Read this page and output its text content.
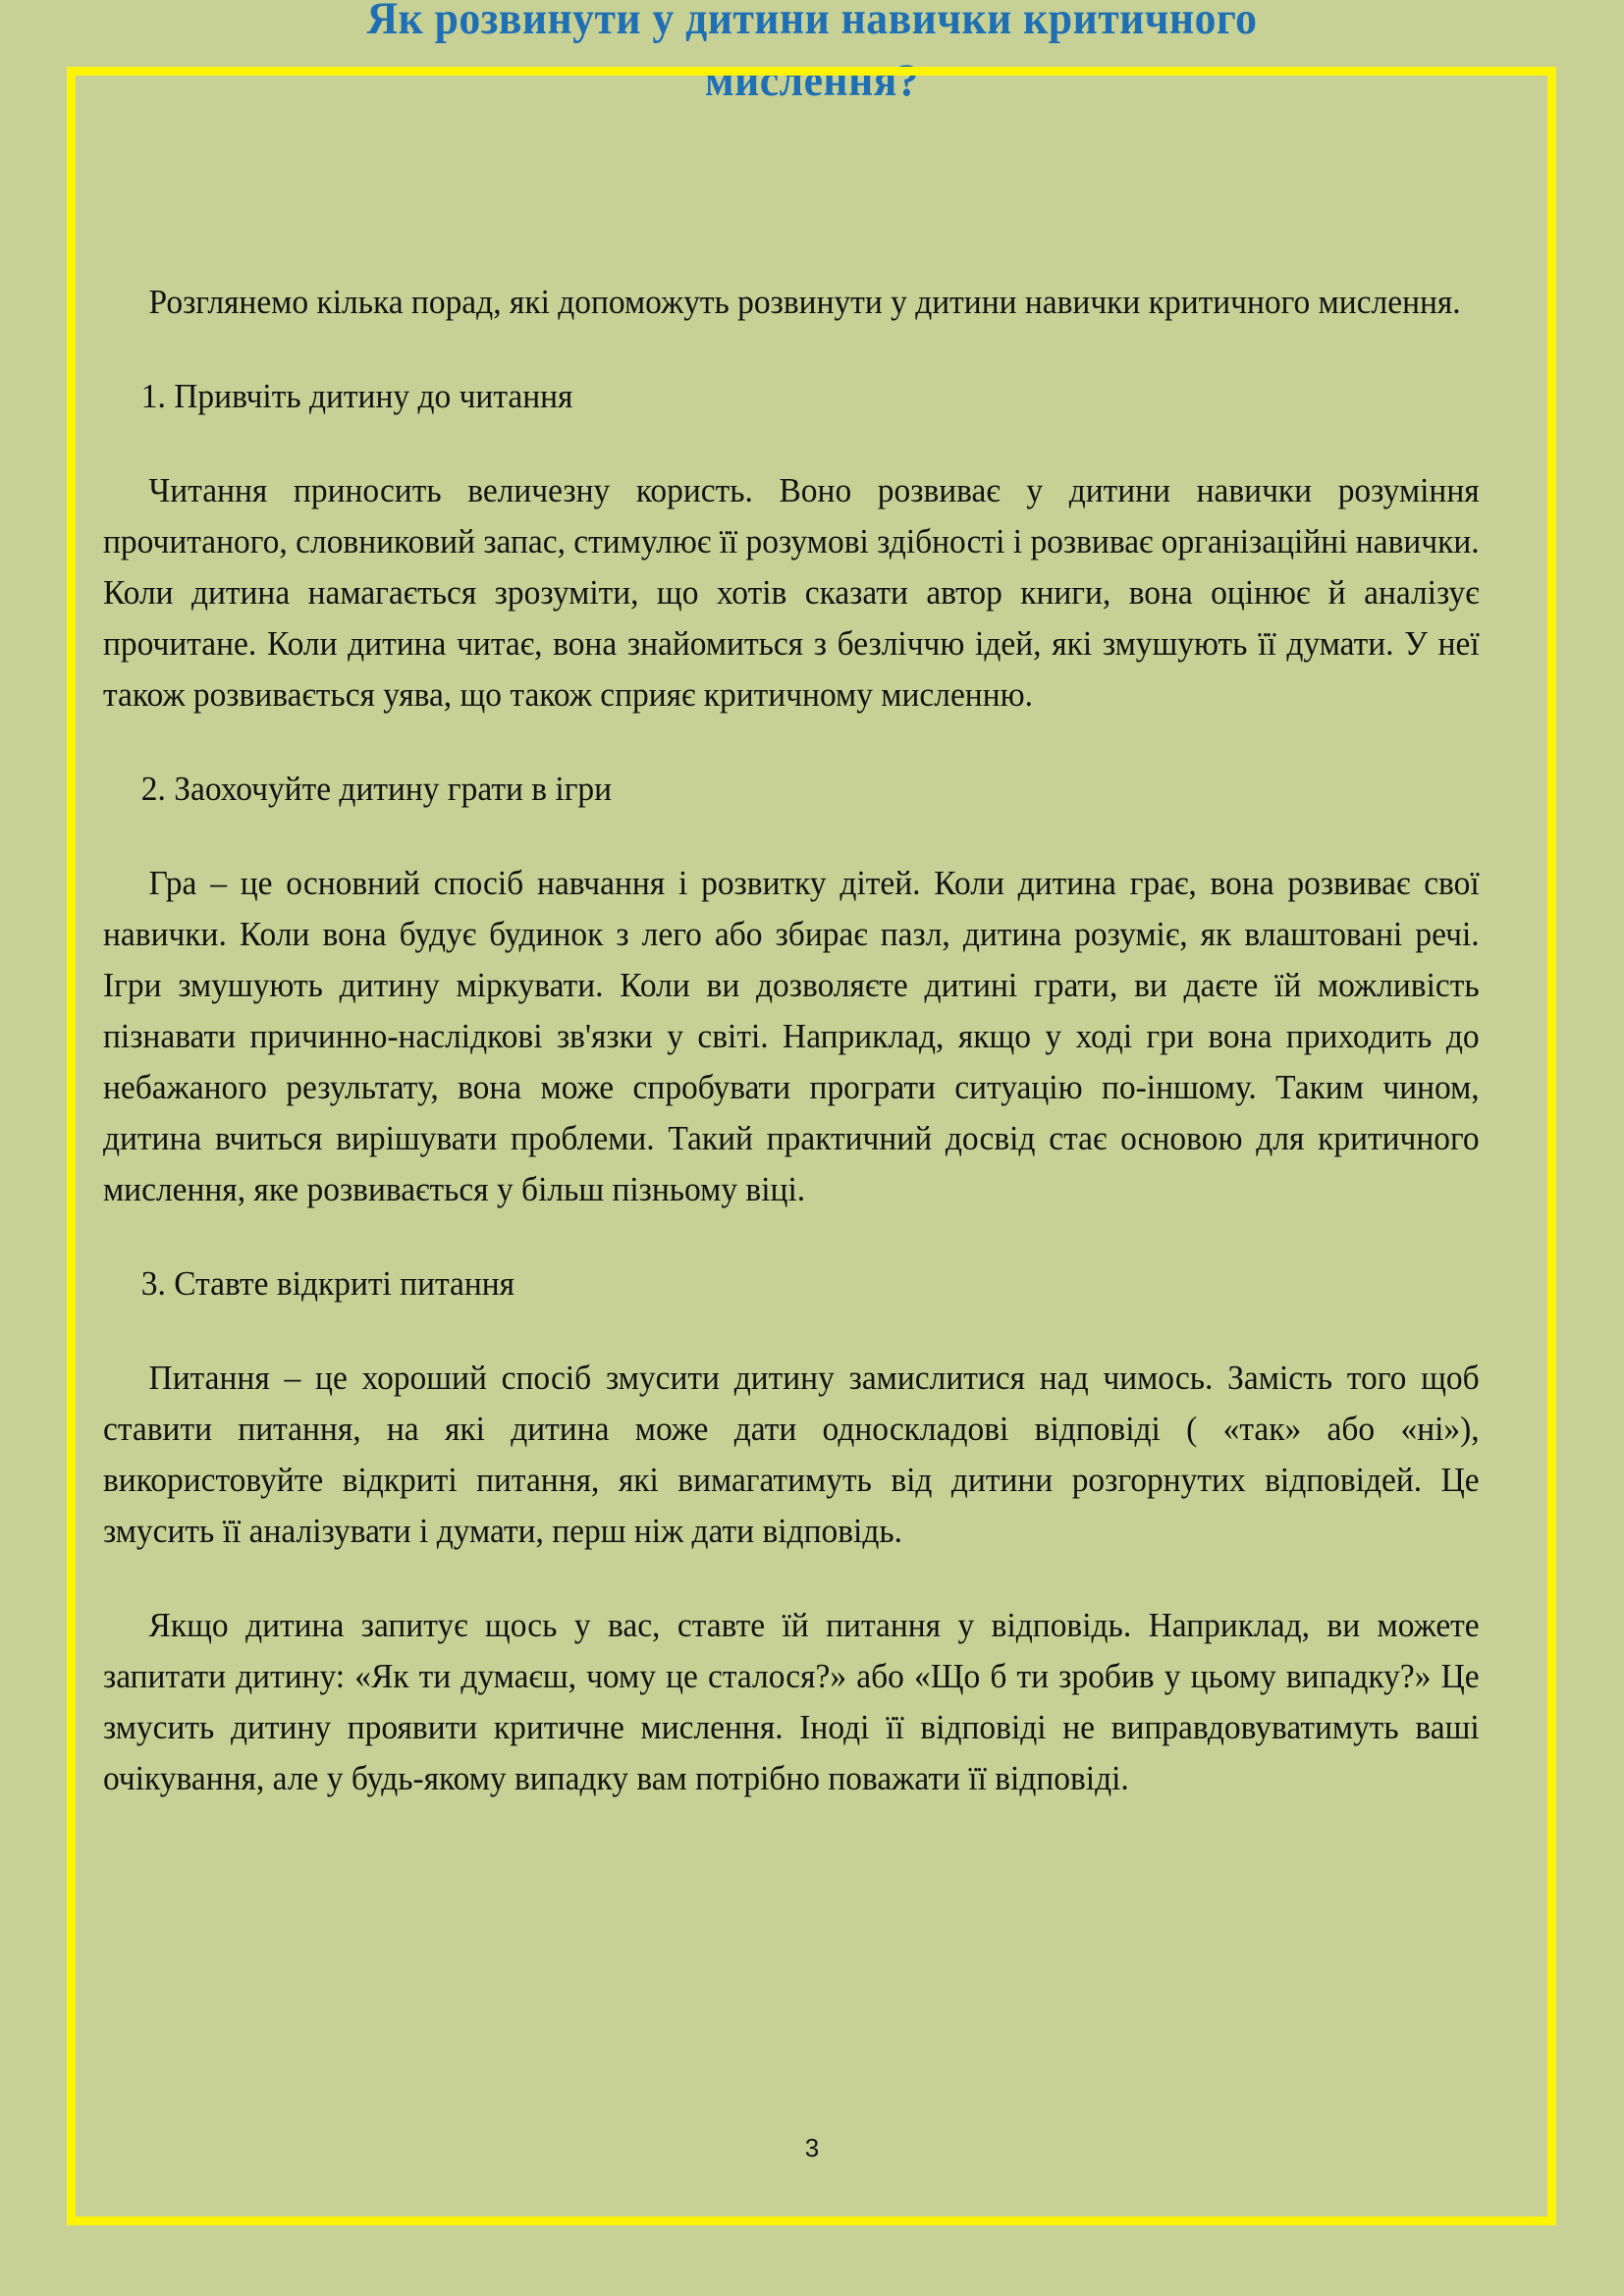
Як розвинути у дитини навички критичного мислення?

Розглянемо кілька порад, які допоможуть розвинути у дитини навички критичного мислення.

1. Привчіть дитину до читання

Читання приносить величезну користь. Воно розвиває у дитини навички розуміння прочитаного, словниковий запас, стимулює її розумові здібності і розвиває організаційні навички. Коли дитина намагається зрозуміти, що хотів сказати автор книги, вона оцінює й аналізує прочитане. Коли дитина читає, вона знайомиться з безліччю ідей, які змушують її думати. У неї також розвивається уява, що також сприяє критичному мисленню.

2. Заохочуйте дитину грати в ігри

Гра – це основний спосіб навчання і розвитку дітей. Коли дитина грає, вона розвиває свої навички. Коли вона будує будинок з лего або збирає пазл, дитина розуміє, як влаштовані речі. Ігри змушують дитину міркувати. Коли ви дозволяєте дитині грати, ви даєте їй можливість пізнавати причинно-наслідкові зв'язки у світі. Наприклад, якщо у ході гри вона приходить до небажаного результату, вона може спробувати програти ситуацію по-іншому. Таким чином, дитина вчиться вирішувати проблеми. Такий практичний досвід стає основою для критичного мислення, яке розвивається у більш пізньому віці.

3. Ставте відкриті питання

Питання – це хороший спосіб змусити дитину замислитися над чимось. Замість того щоб ставити питання, на які дитина може дати односкладові відповіді ( «так» або «ні»), використовуйте відкриті питання, які вимагатимуть від дитини розгорнутих відповідей. Це змусить її аналізувати і думати, перш ніж дати відповідь.

Якщо дитина запитує щось у вас, ставте їй питання у відповідь. Наприклад, ви можете запитати дитину: «Як ти думаєш, чому це сталося?» або «Що б ти зробив у цьому випадку?» Це змусить дитину проявити критичне мислення. Іноді її відповіді не виправдовуватимуть ваші очікування, але у будь-якому випадку вам потрібно поважати її відповіді.

3
